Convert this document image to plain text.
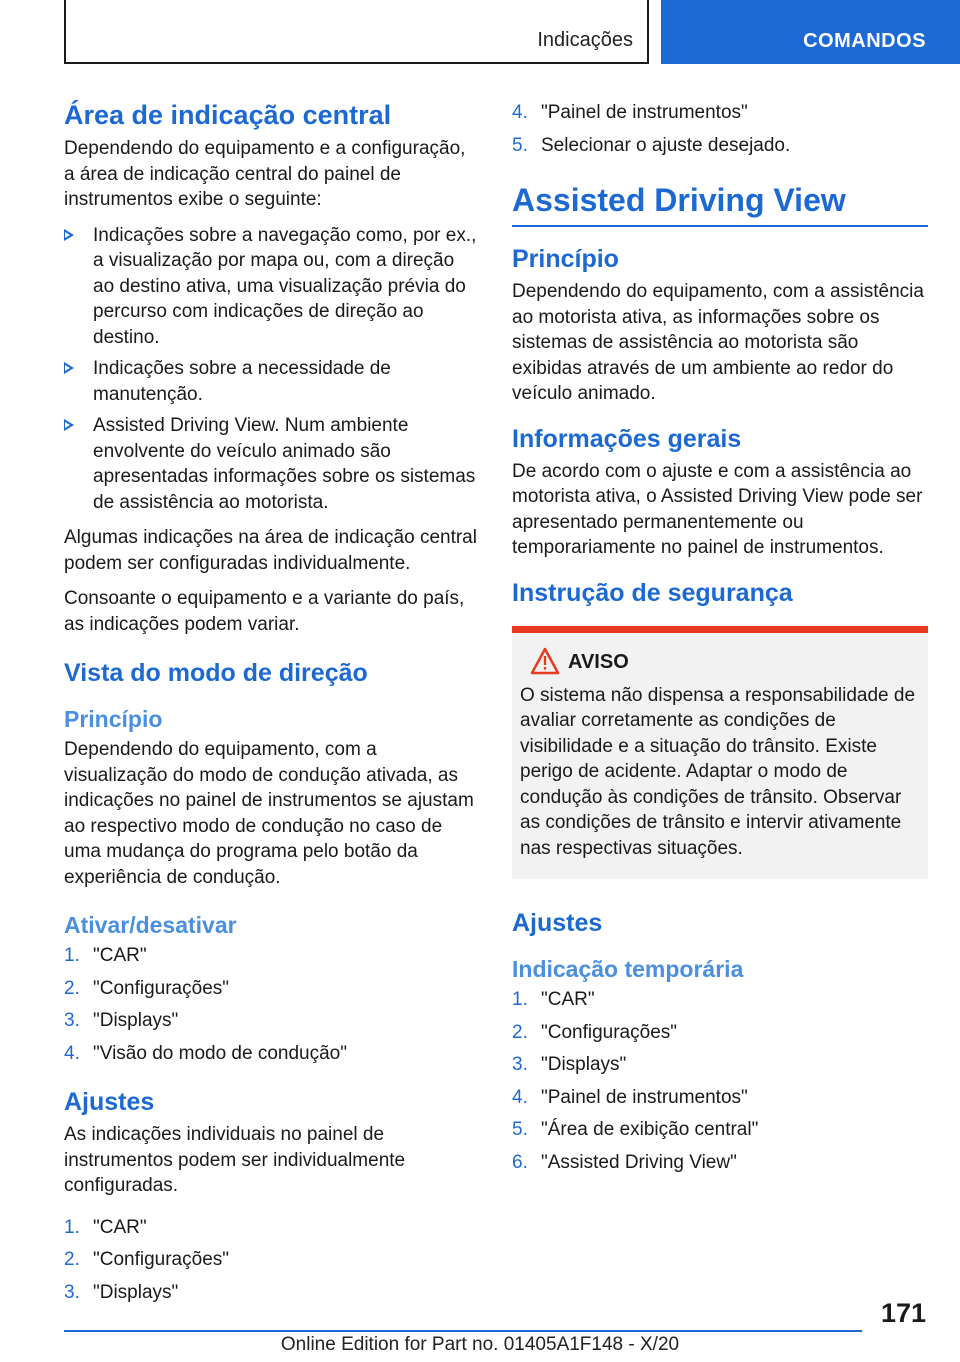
Indicações	COMANDOS
Área de indicação central

Dependendo do equipamento e a configuração, a área de indicação central do painel de instrumentos exibe o seguinte:

Indicações sobre a navegação como, por ex., a visualização por mapa ou, com a direção ao destino ativa, uma visualização prévia do percurso com indicações de direção ao destino.
Indicações sobre a necessidade de manutenção.
Assisted Driving View. Num ambiente envolvente do veículo animado são apresentadas informações sobre os sistemas de assistência ao motorista.

Algumas indicações na área de indicação central podem ser configuradas individualmente.

Consoante o equipamento e a variante do país, as indicações podem variar.

Vista do modo de direção
Princípio

Dependendo do equipamento, com a visualização do modo de condução ativada, as indicações no painel de instrumentos se ajustam ao respectivo modo de condução no caso de uma mudança do programa pelo botão da experiência de condução.

Ativar/desativar
1. "CAR"
2. "Configurações"
3. "Displays"
4. "Visão do modo de condução"
Ajustes

As indicações individuais no painel de instrumentos podem ser individualmente configuradas.

1. "CAR"
2. "Configurações"
3. "Displays"
4. "Painel de instrumentos"
5. Selecionar o ajuste desejado.
Assisted Driving View
Princípio

Dependendo do equipamento, com a assistência ao motorista ativa, as informações sobre os sistemas de assistência ao motorista são exibidas através de um ambiente ao redor do veículo animado.

Informações gerais

De acordo com o ajuste e com a assistência ao motorista ativa, o Assisted Driving View pode ser apresentado permanentemente ou temporariamente no painel de instrumentos.

Instrução de segurança
AVISO

O sistema não dispensa a responsabilidade de avaliar corretamente as condições de visibilidade e a situação do trânsito. Existe perigo de acidente. Adaptar o modo de condução às condições de trânsito. Observar as condições de trânsito e intervir ativamente nas respectivas situações.

Ajustes
Indicação temporária
1. "CAR"
2. "Configurações"
3. "Displays"
4. "Painel de instrumentos"
5. "Área de exibição central"
6. "Assisted Driving View"
171
Online Edition for Part no. 01405A1F148 - X/20
